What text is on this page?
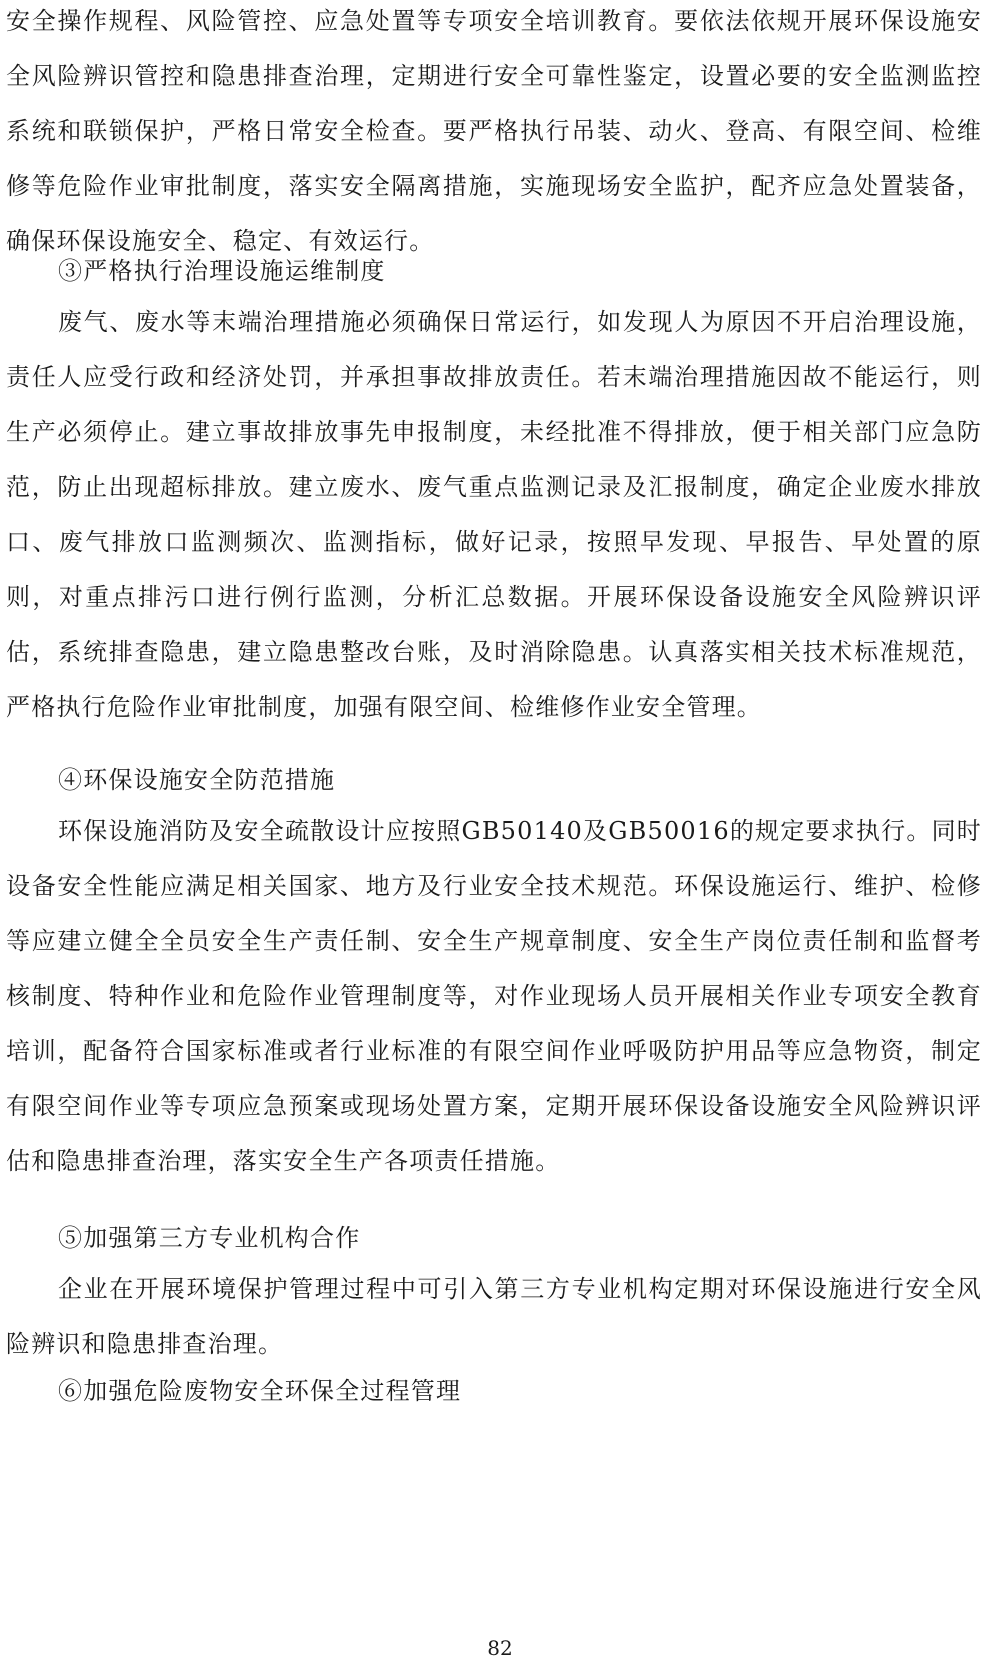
安全操作规程、风险管控、应急处置等专项安全培训教育。要依法依规开展环保设施安全风险辨识管控和隐患排查治理，定期进行安全可靠性鉴定，设置必要的安全监测监控系统和联锁保护，严格日常安全检查。要严格执行吊装、动火、登高、有限空间、检维修等危险作业审批制度，落实安全隔离措施，实施现场安全监护，配齐应急处置装备，确保环保设施安全、稳定、有效运行。

③严格执行治理设施运维制度

废气、废水等末端治理措施必须确保日常运行，如发现人为原因不开启治理设施，责任人应受行政和经济处罚，并承担事故排放责任。若末端治理措施因故不能运行，则生产必须停止。建立事故排放事先申报制度，未经批准不得排放，便于相关部门应急防范，防止出现超标排放。建立废水、废气重点监测记录及汇报制度，确定企业废水排放口、废气排放口监测频次、监测指标，做好记录，按照早发现、早报告、早处置的原则，对重点排污口进行例行监测，分析汇总数据。开展环保设备设施安全风险辨识评估，系统排查隐患，建立隐患整改台账，及时消除隐患。认真落实相关技术标准规范，严格执行危险作业审批制度，加强有限空间、检维修作业安全管理。

④环保设施安全防范措施

环保设施消防及安全疏散设计应按照GB50140及GB50016的规定要求执行。同时设备安全性能应满足相关国家、地方及行业安全技术规范。环保设施运行、维护、检修等应建立健全全员安全生产责任制、安全生产规章制度、安全生产岗位责任制和监督考核制度、特种作业和危险作业管理制度等，对作业现场人员开展相关作业专项安全教育培训，配备符合国家标准或者行业标准的有限空间作业呼吸防护用品等应急物资，制定有限空间作业等专项应急预案或现场处置方案，定期开展环保设备设施安全风险辨识评估和隐患排查治理，落实安全生产各项责任措施。

⑤加强第三方专业机构合作

企业在开展环境保护管理过程中可引入第三方专业机构定期对环保设施进行安全风险辨识和隐患排查治理。

⑥加强危险废物安全环保全过程管理

82
